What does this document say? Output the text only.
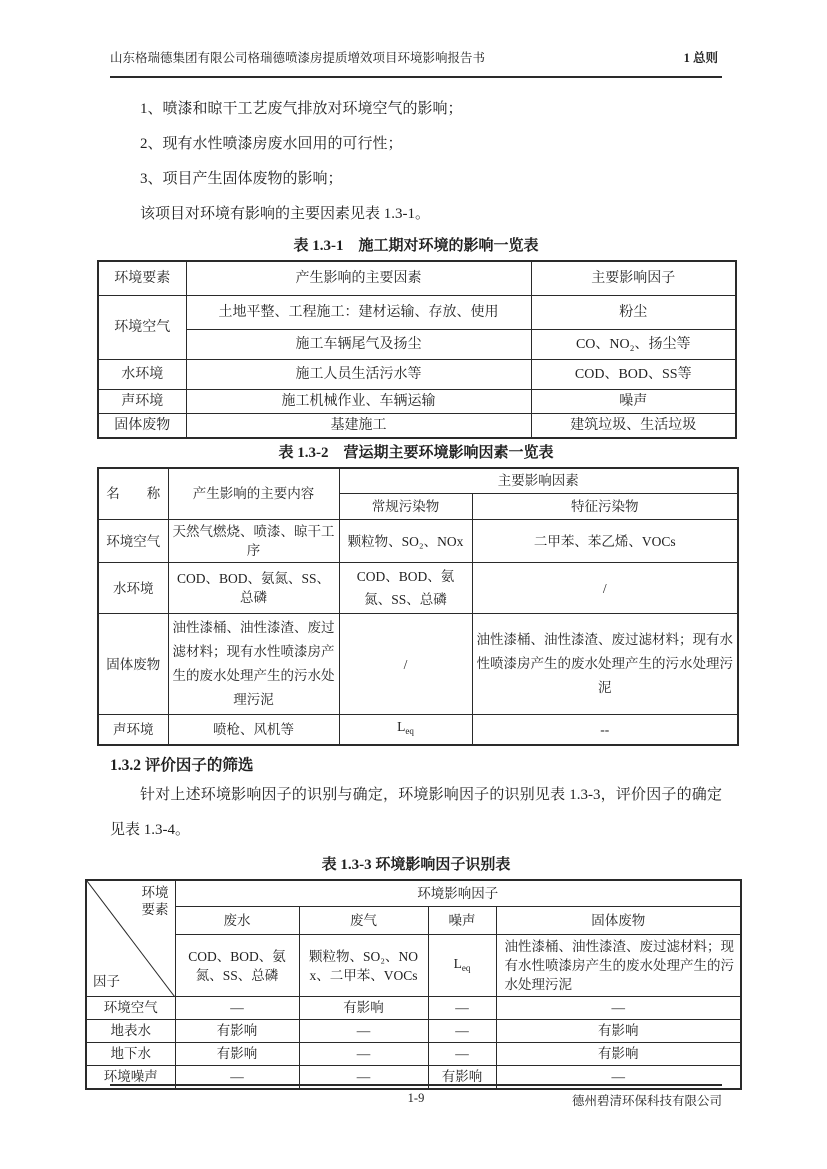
山东格瑞德集团有限公司格瑞德喷漆房提质增效项目环境影响报告书	1 总则

1、喷漆和晾干工艺废气排放对环境空气的影响；

2、现有水性喷漆房废水回用的可行性；

3、项目产生固体废物的影响；

该项目对环境有影响的主要因素见表 1.3-1。

表 1.3-1　施工期对环境的影响一览表
环境要素	产生影响的主要因素	主要影响因子
环境空气	土地平整、工程施工：建材运输、存放、使用	粉尘
	施工车辆尾气及扬尘	CO、NO₂、扬尘等
水环境	施工人员生活污水等	COD、BOD、SS等
声环境	施工机械作业、车辆运输	噪声
固体废物	基建施工	建筑垃圾、生活垃圾
表 1.3-2　营运期主要环境影响因素一览表
名　　称	产生影响的主要内容	主要影响因素	
		常规污染物	特征污染物
环境空气	天然气燃烧、喷漆、晾干工序	颗粒物、SO₂、NOx	二甲苯、苯乙烯、VOCs
水环境	COD、BOD、氨氮、SS、总磷	COD、BOD、氨氮、SS、总磷	/
固体废物	油性漆桶、油性漆渣、废过滤材料；现有水性喷漆房产生的废水处理产生的污水处理污泥	/	油性漆桶、油性漆渣、废过滤材料；现有水性喷漆房产生的废水处理产生的污水处理污泥
声环境	喷枪、风机等	$L_{eq}$	--
1.3.2 评价因子的筛选

针对上述环境影响因子的识别与确定，环境影响因子的识别见表 1.3-3，评价因子的确定见表 1.3-4。

表 1.3-3 环境影响因子识别表
环境
要素
因子	环境影响因子			
	废水	废气	噪声	固体废物
	COD、BOD、氨氮、SS、总磷	颗粒物、SO₂、NOx、二甲苯、VOCs	$L_{eq}$	油性漆桶、油性漆渣、废过滤材料；现有水性喷漆房产生的废水处理产生的污水处理污泥
环境空气	—	有影响	—	—
地表水	有影响	—	—	有影响
地下水	有影响	—	—	有影响
环境噪声	—	—	有影响	—
1-9	德州碧清环保科技有限公司
